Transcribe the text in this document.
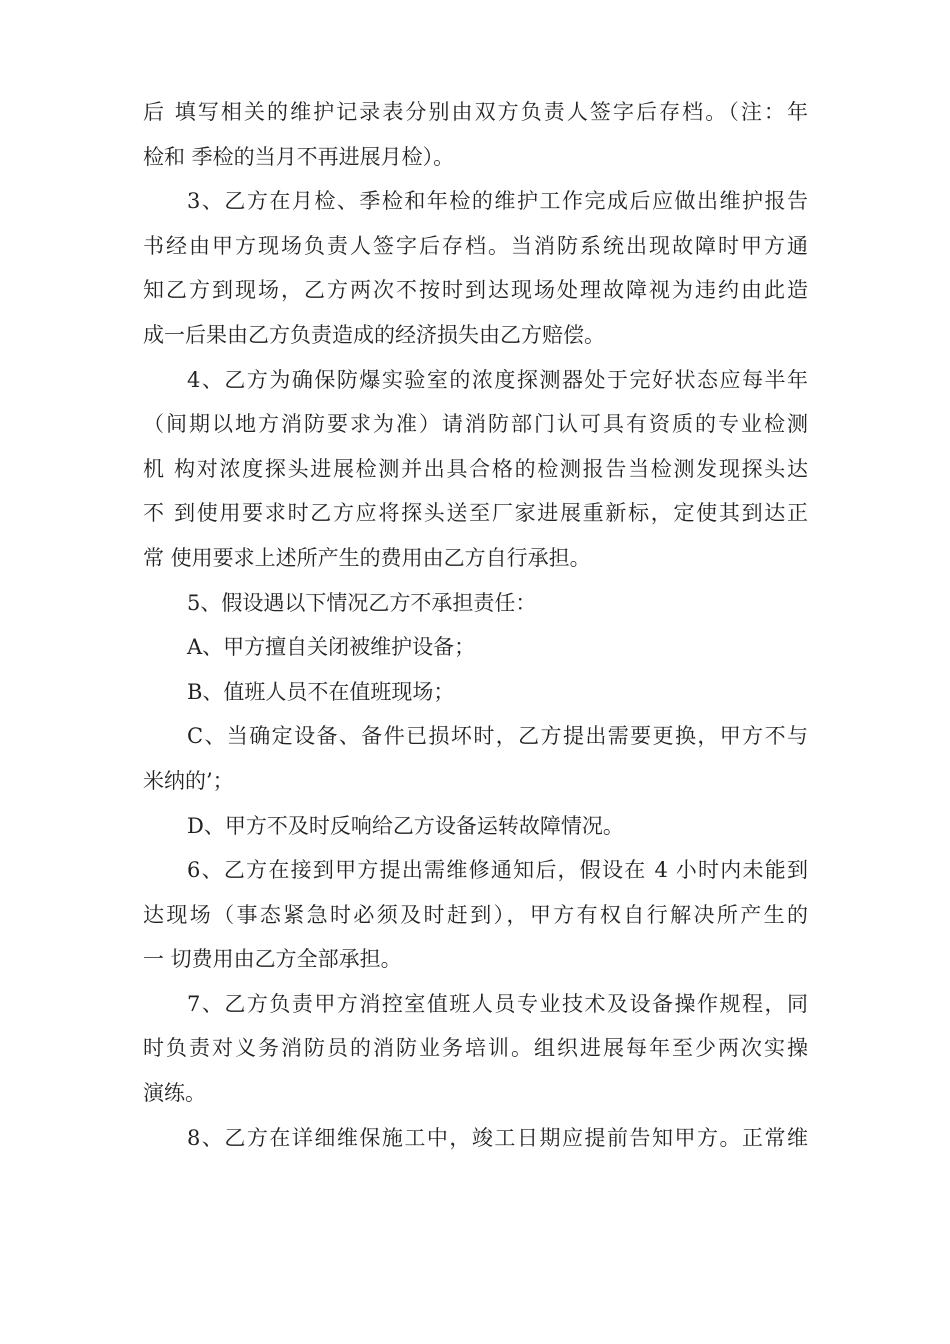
后 填写相关的维护记录表分别由双方负责人签字后存档。（注：年
检和 季检的当月不再进展月检）。
3、乙方在月检、季检和年检的维护工作完成后应做出维护报告
书经由甲方现场负责人签字后存档。当消防系统出现故障时甲方通
知乙方到现场，乙方两次不按时到达现场处理故障视为违约由此造
成一后果由乙方负责造成的经济损失由乙方赔偿。
4、乙方为确保防爆实验室的浓度探测器处于完好状态应每半年
（间期以地方消防要求为准）请消防部门认可具有资质的专业检测
机 构对浓度探头进展检测并出具合格的检测报告当检测发现探头达
不 到使用要求时乙方应将探头送至厂家进展重新标，定使其到达正
常 使用要求上述所产生的费用由乙方自行承担。
5、假设遇以下情况乙方不承担责任：
A、甲方擅自关闭被维护设备；
B、值班人员不在值班现场；
C、当确定设备、备件已损坏时，乙方提出需要更换，甲方不与
米纳的’；
D、甲方不及时反响给乙方设备运转故障情况。
6、乙方在接到甲方提出需维修通知后，假设在 4 小时内未能到
达现场（事态紧急时必须及时赶到），甲方有权自行解决所产生的
一 切费用由乙方全部承担。
7、乙方负责甲方消控室值班人员专业技术及设备操作规程，同
时负责对义务消防员的消防业务培训。组织进展每年至少两次实操
演练。
8、乙方在详细维保施工中，竣工日期应提前告知甲方。正常维
